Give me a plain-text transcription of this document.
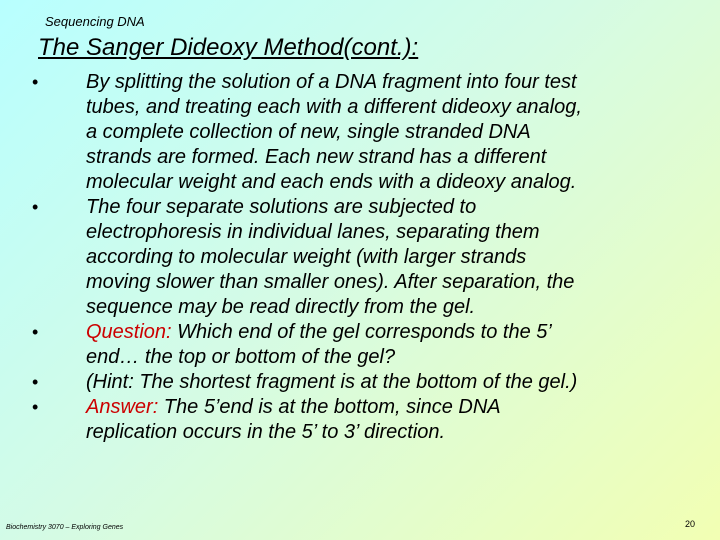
Sequencing DNA
The Sanger Dideoxy Method(cont.):
•	By splitting the solution of a DNA fragment into four test
tubes, and treating each with a different dideoxy analog,
a complete collection of new, single stranded DNA
strands are formed. Each new strand has a different
molecular weight and each ends with a dideoxy analog.
•	The four separate solutions are subjected to
electrophoresis in individual lanes, separating them
according to molecular weight (with larger strands
moving slower than smaller ones). After separation, the
sequence may be read directly from the gel.
•	Question: Which end of the gel corresponds to the 5’
end… the top or bottom of the gel?
•	(Hint: The shortest fragment is at the bottom of the gel.)
•	Answer: The 5’end is at the bottom, since DNA
replication occurs in the 5’ to 3’ direction.
Biochemistry 3070 – Exploring Genes	20
